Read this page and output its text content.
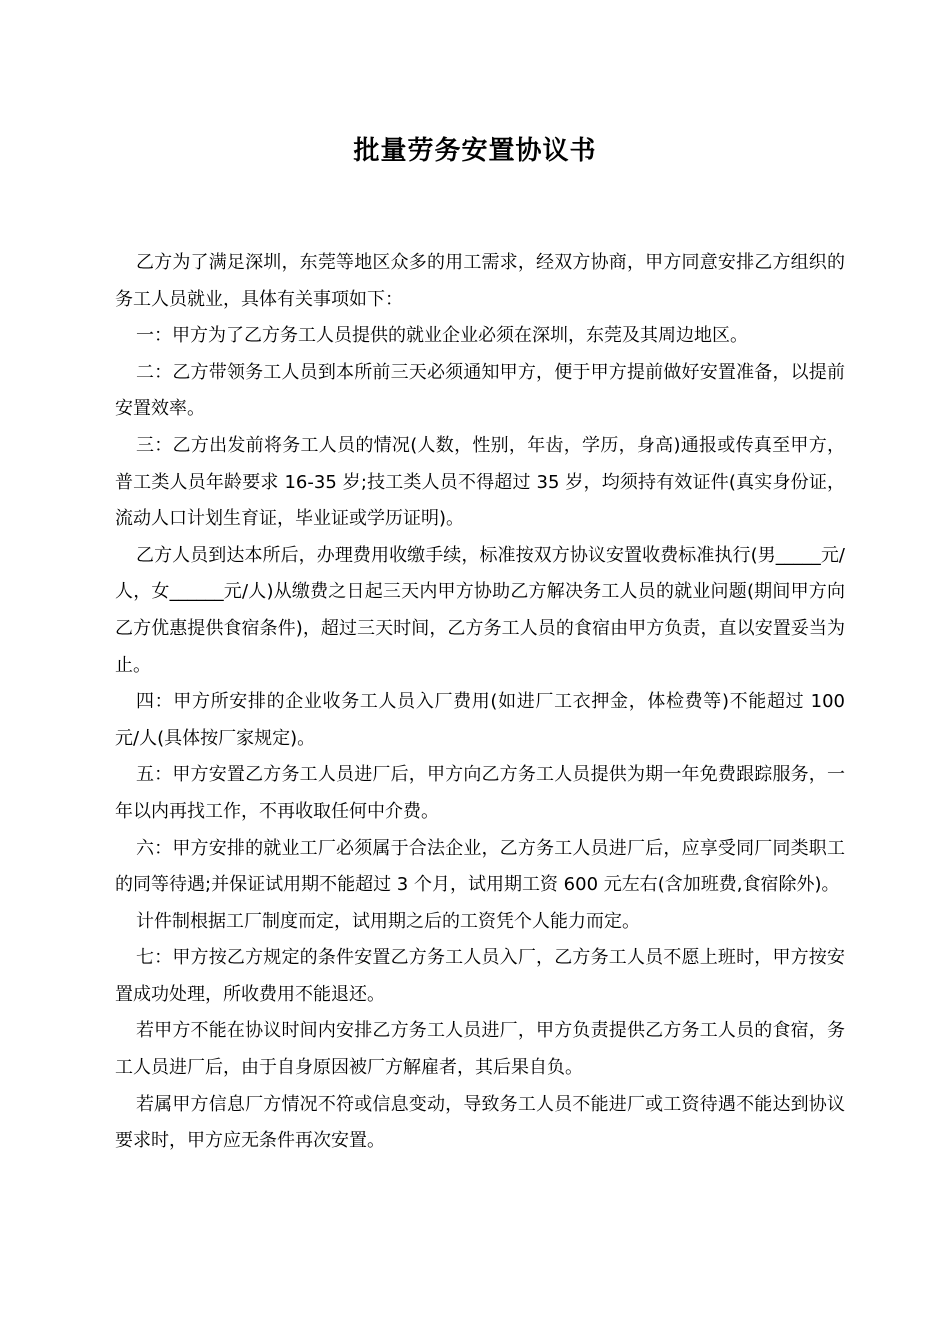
批量劳务安置协议书

乙方为了满足深圳，东莞等地区众多的用工需求，经双方协商，甲方同意安排乙方组织的务工人员就业，具体有关事项如下：

一：甲方为了乙方务工人员提供的就业企业必须在深圳，东莞及其周边地区。

二：乙方带领务工人员到本所前三天必须通知甲方，便于甲方提前做好安置准备，以提前安置效率。

三：乙方出发前将务工人员的情况(人数，性别，年齿，学历，身高)通报或传真至甲方，普工类人员年龄要求 16-35 岁;技工类人员不得超过 35 岁，均须持有效证件(真实身份证，流动人口计划生育证，毕业证或学历证明)。

乙方人员到达本所后，办理费用收缴手续，标准按双方协议安置收费标准执行(男_____元/人，女______元/人)从缴费之日起三天内甲方协助乙方解决务工人员的就业问题(期间甲方向乙方优惠提供食宿条件)，超过三天时间，乙方务工人员的食宿由甲方负责，直以安置妥当为止。

四：甲方所安排的企业收务工人员入厂费用(如进厂工衣押金，体检费等)不能超过 100 元/人(具体按厂家规定)。

五：甲方安置乙方务工人员进厂后，甲方向乙方务工人员提供为期一年免费跟踪服务，一年以内再找工作，不再收取任何中介费。

六：甲方安排的就业工厂必须属于合法企业，乙方务工人员进厂后，应享受同厂同类职工的同等待遇;并保证试用期不能超过 3 个月，试用期工资 600 元左右(含加班费,食宿除外)。

计件制根据工厂制度而定，试用期之后的工资凭个人能力而定。

七：甲方按乙方规定的条件安置乙方务工人员入厂，乙方务工人员不愿上班时，甲方按安置成功处理，所收费用不能退还。

若甲方不能在协议时间内安排乙方务工人员进厂，甲方负责提供乙方务工人员的食宿，务工人员进厂后，由于自身原因被厂方解雇者，其后果自负。

若属甲方信息厂方情况不符或信息变动，导致务工人员不能进厂或工资待遇不能达到协议要求时，甲方应无条件再次安置。
